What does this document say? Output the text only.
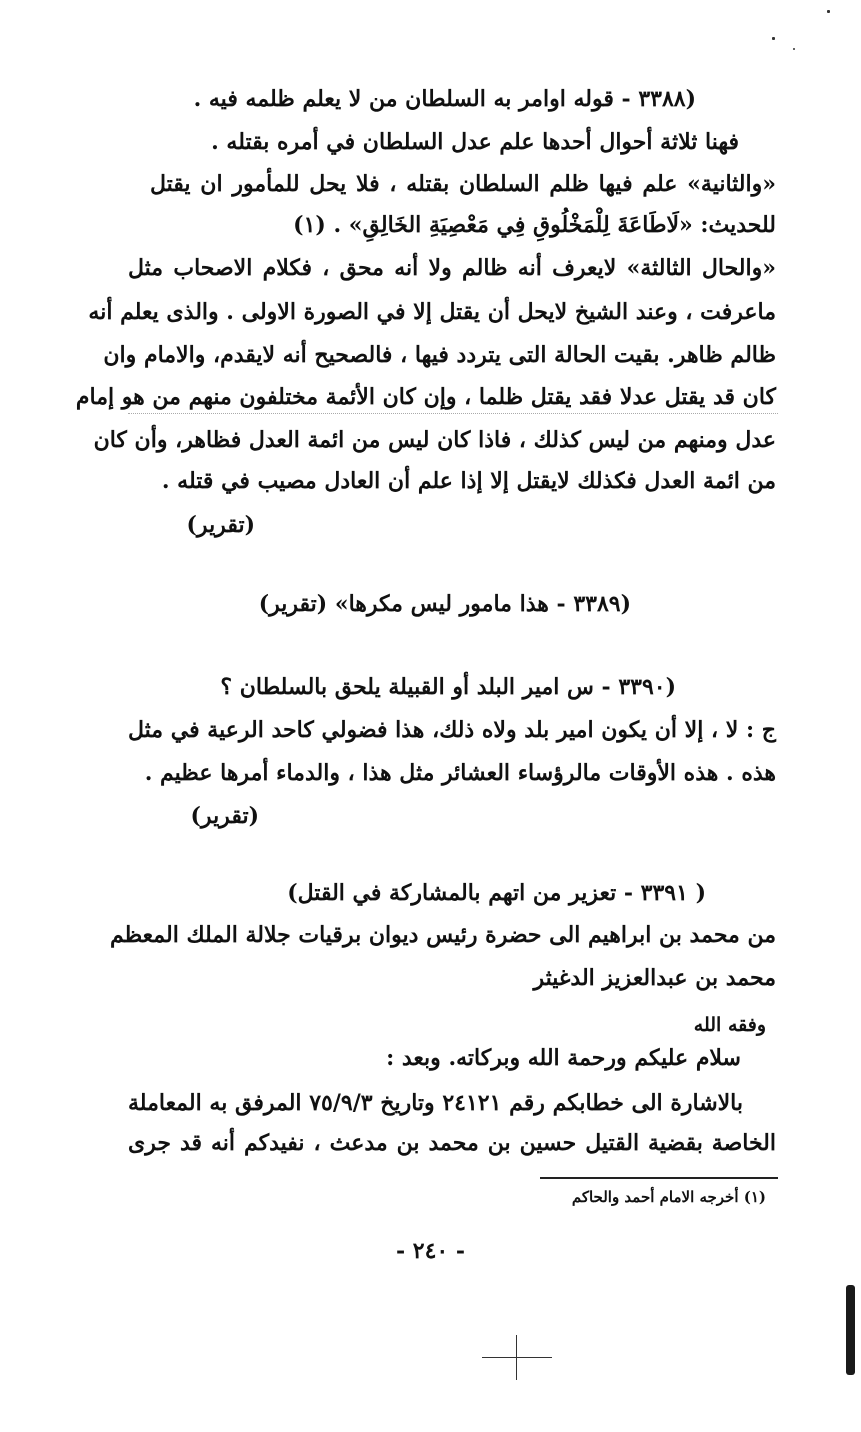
(٣٣٨٨ - قوله اوامر به السلطان من لا يعلم ظلمه فيه .
فهنا ثلاثة أحوال أحدها علم عدل السلطان في أمره بقتله .
«والثانية» علم فيها ظلم السلطان بقتله ، فلا يحل للمأمور ان يقتل
للحديث: «لَاطَاعَةَ لِلْمَخْلُوقِ فِي مَعْصِيَةِ الخَالِقِ» . (١)
«والحال الثالثة» لايعرف أنه ظالم ولا أنه محق ، فكلام الاصحاب مثل
ماعرفت ، وعند الشيخ لايحل أن يقتل إلا في الصورة الاولى . والذى يعلم أنه
ظالم ظاهر. بقيت الحالة التى يتردد فيها ، فالصحيح أنه لايقدم، والامام وان
كان قد يقتل عدلا فقد يقتل ظلما ، وإن كان الأئمة مختلفون منهم من هو إمام
عدل ومنهم من ليس كذلك ، فاذا كان ليس من ائمة العدل فظاهر، وأن كان
من ائمة العدل فكذلك لايقتل إلا إذا علم أن العادل مصيب في قتله .
(تقرير)
(٣٣٨٩ - هذا مامور ليس مكرها» (تقرير)
(٣٣٩٠ - س امير البلد أو القبيلة يلحق بالسلطان ؟
ج : لا ، إلا أن يكون امير بلد ولاه ذلك، هذا فضولي كاحد الرعية في مثل
هذه . هذه الأوقات مالرؤساء العشائر مثل هذا ، والدماء أمرها عظيم .
(تقرير)
( ٣٣٩١ - تعزير من اتهم بالمشاركة في القتل)
من محمد بن ابراهيم الى حضرة رئيس ديوان برقيات جلالة الملك المعظم
محمد بن عبدالعزيز الدغيثر
وفقه الله
سلام عليكم ورحمة الله وبركاته. وبعد :
بالاشارة الى خطابكم رقم ٢٤١٢١ وتاريخ ٧٥/٩/٣ المرفق به المعاملة
الخاصة بقضية القتيل حسين بن محمد بن مدعث ، نفيدكم أنه قد جرى
(١) أخرجه الامام أحمد والحاكم
- ٢٤٠ -
